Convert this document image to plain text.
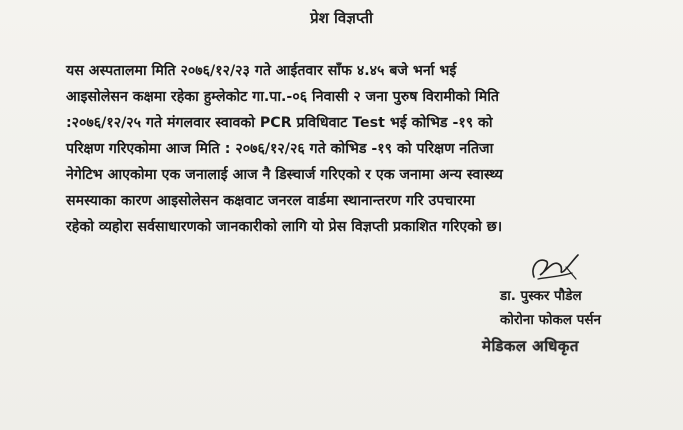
प्रेश विज्ञप्ती
यस अस्पतालमा मिति २०७६/१२/२३ गते आईतवार साँफ ४.४५ बजे भर्ना भई
आइसोलेसन कक्षमा रहेका हुम्लेकोट गा.पा.-०६ निवासी २ जना पुरुष विरामीको मिति
:२०७६/१२/२५ गते मंगलवार स्वावको PCR प्रविधिवाट Test भई कोभिड -१९ को
परिक्षण गरिएकोमा आज मिति : २०७६/१२/२६ गते कोभिड -१९ को परिक्षण नतिजा
नेगेटिभ आएकोमा एक जनालाई आज नै डिस्चार्ज गरिएको र एक जनामा अन्य स्वास्थ्य
समस्याका कारण आइसोलेसन कक्षवाट जनरल वार्डमा स्थानान्तरण गरि उपचारमा
रहेको व्यहोरा सर्वसाधारणको जानकारीको लागि यो प्रेस विज्ञप्ती प्रकाशित गरिएको छ।
डा. पुस्कर पौडेल
कोरोना फोकल पर्सन
मेडिकल अधिकृत
